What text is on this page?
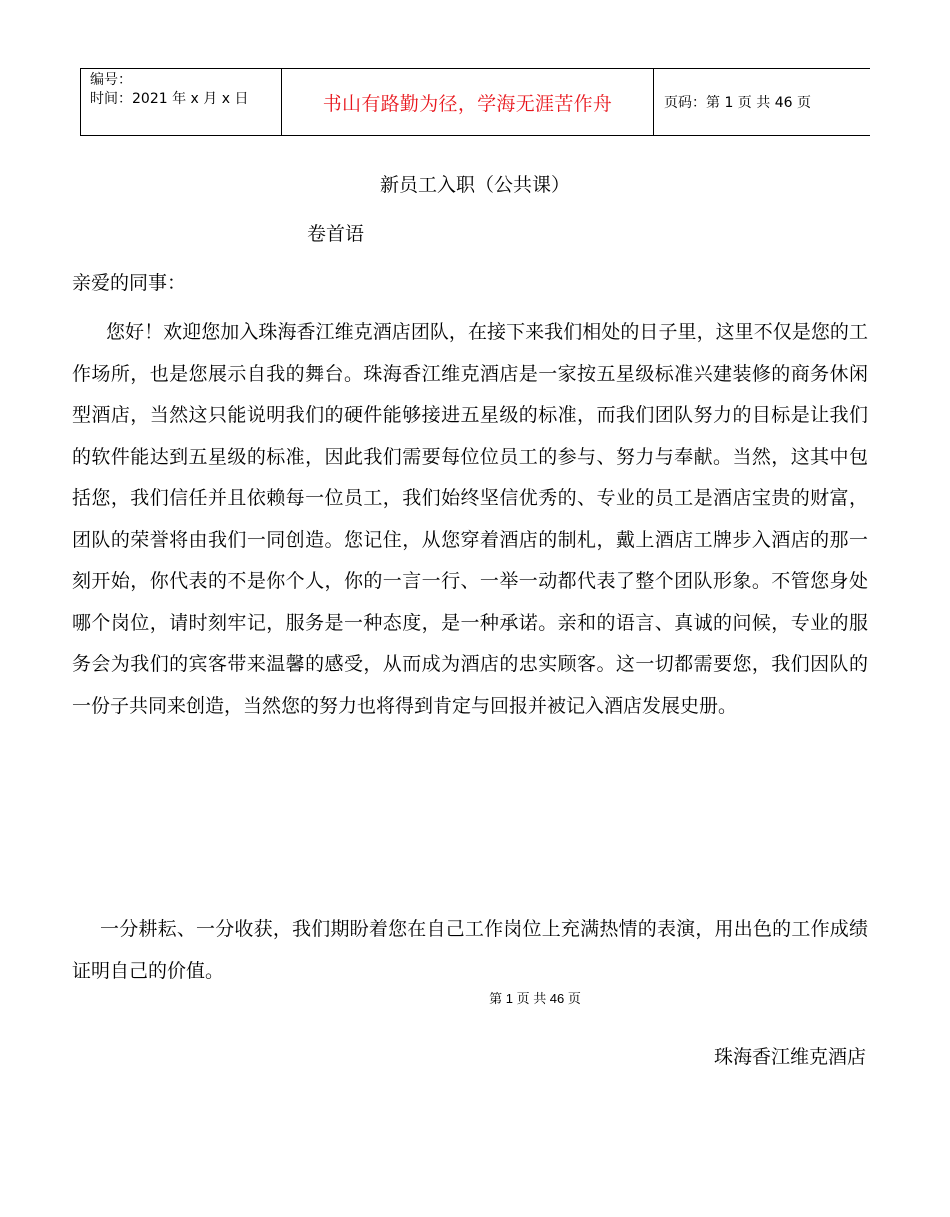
编号：
时间：2021 年 x 月 x 日	书山有路勤为径，学海无涯苦作舟	页码：第 1 页 共 46 页
新员工入职（公共课）
卷首语
亲爱的同事：

您好！欢迎您加入珠海香江维克酒店团队，在接下来我们相处的日子里，这里不仅是您的工作场所，也是您展示自我的舞台。珠海香江维克酒店是一家按五星级标准兴建装修的商务休闲型酒店，当然这只能说明我们的硬件能够接进五星级的标准，而我们团队努力的目标是让我们的软件能达到五星级的标准，因此我们需要每位位员工的参与、努力与奉献。当然，这其中包括您，我们信任并且依赖每一位员工，我们始终坚信优秀的、专业的员工是酒店宝贵的财富，团队的荣誉将由我们一同创造。您记住，从您穿着酒店的制札，戴上酒店工牌步入酒店的那一刻开始，你代表的不是你个人，你的一言一行、一举一动都代表了整个团队形象。不管您身处哪个岗位，请时刻牢记，服务是一种态度，是一种承诺。亲和的语言、真诚的问候，专业的服务会为我们的宾客带来温馨的感受，从而成为酒店的忠实顾客。这一切都需要您，我们因队的一份子共同来创造，当然您的努力也将得到肯定与回报并被记入酒店发展史册。

一分耕耘、一分收获，我们期盼着您在自己工作岗位上充满热情的表演，用出色的工作成绩证明自己的价值。

第 1 页 共 46 页
珠海香江维克酒店
